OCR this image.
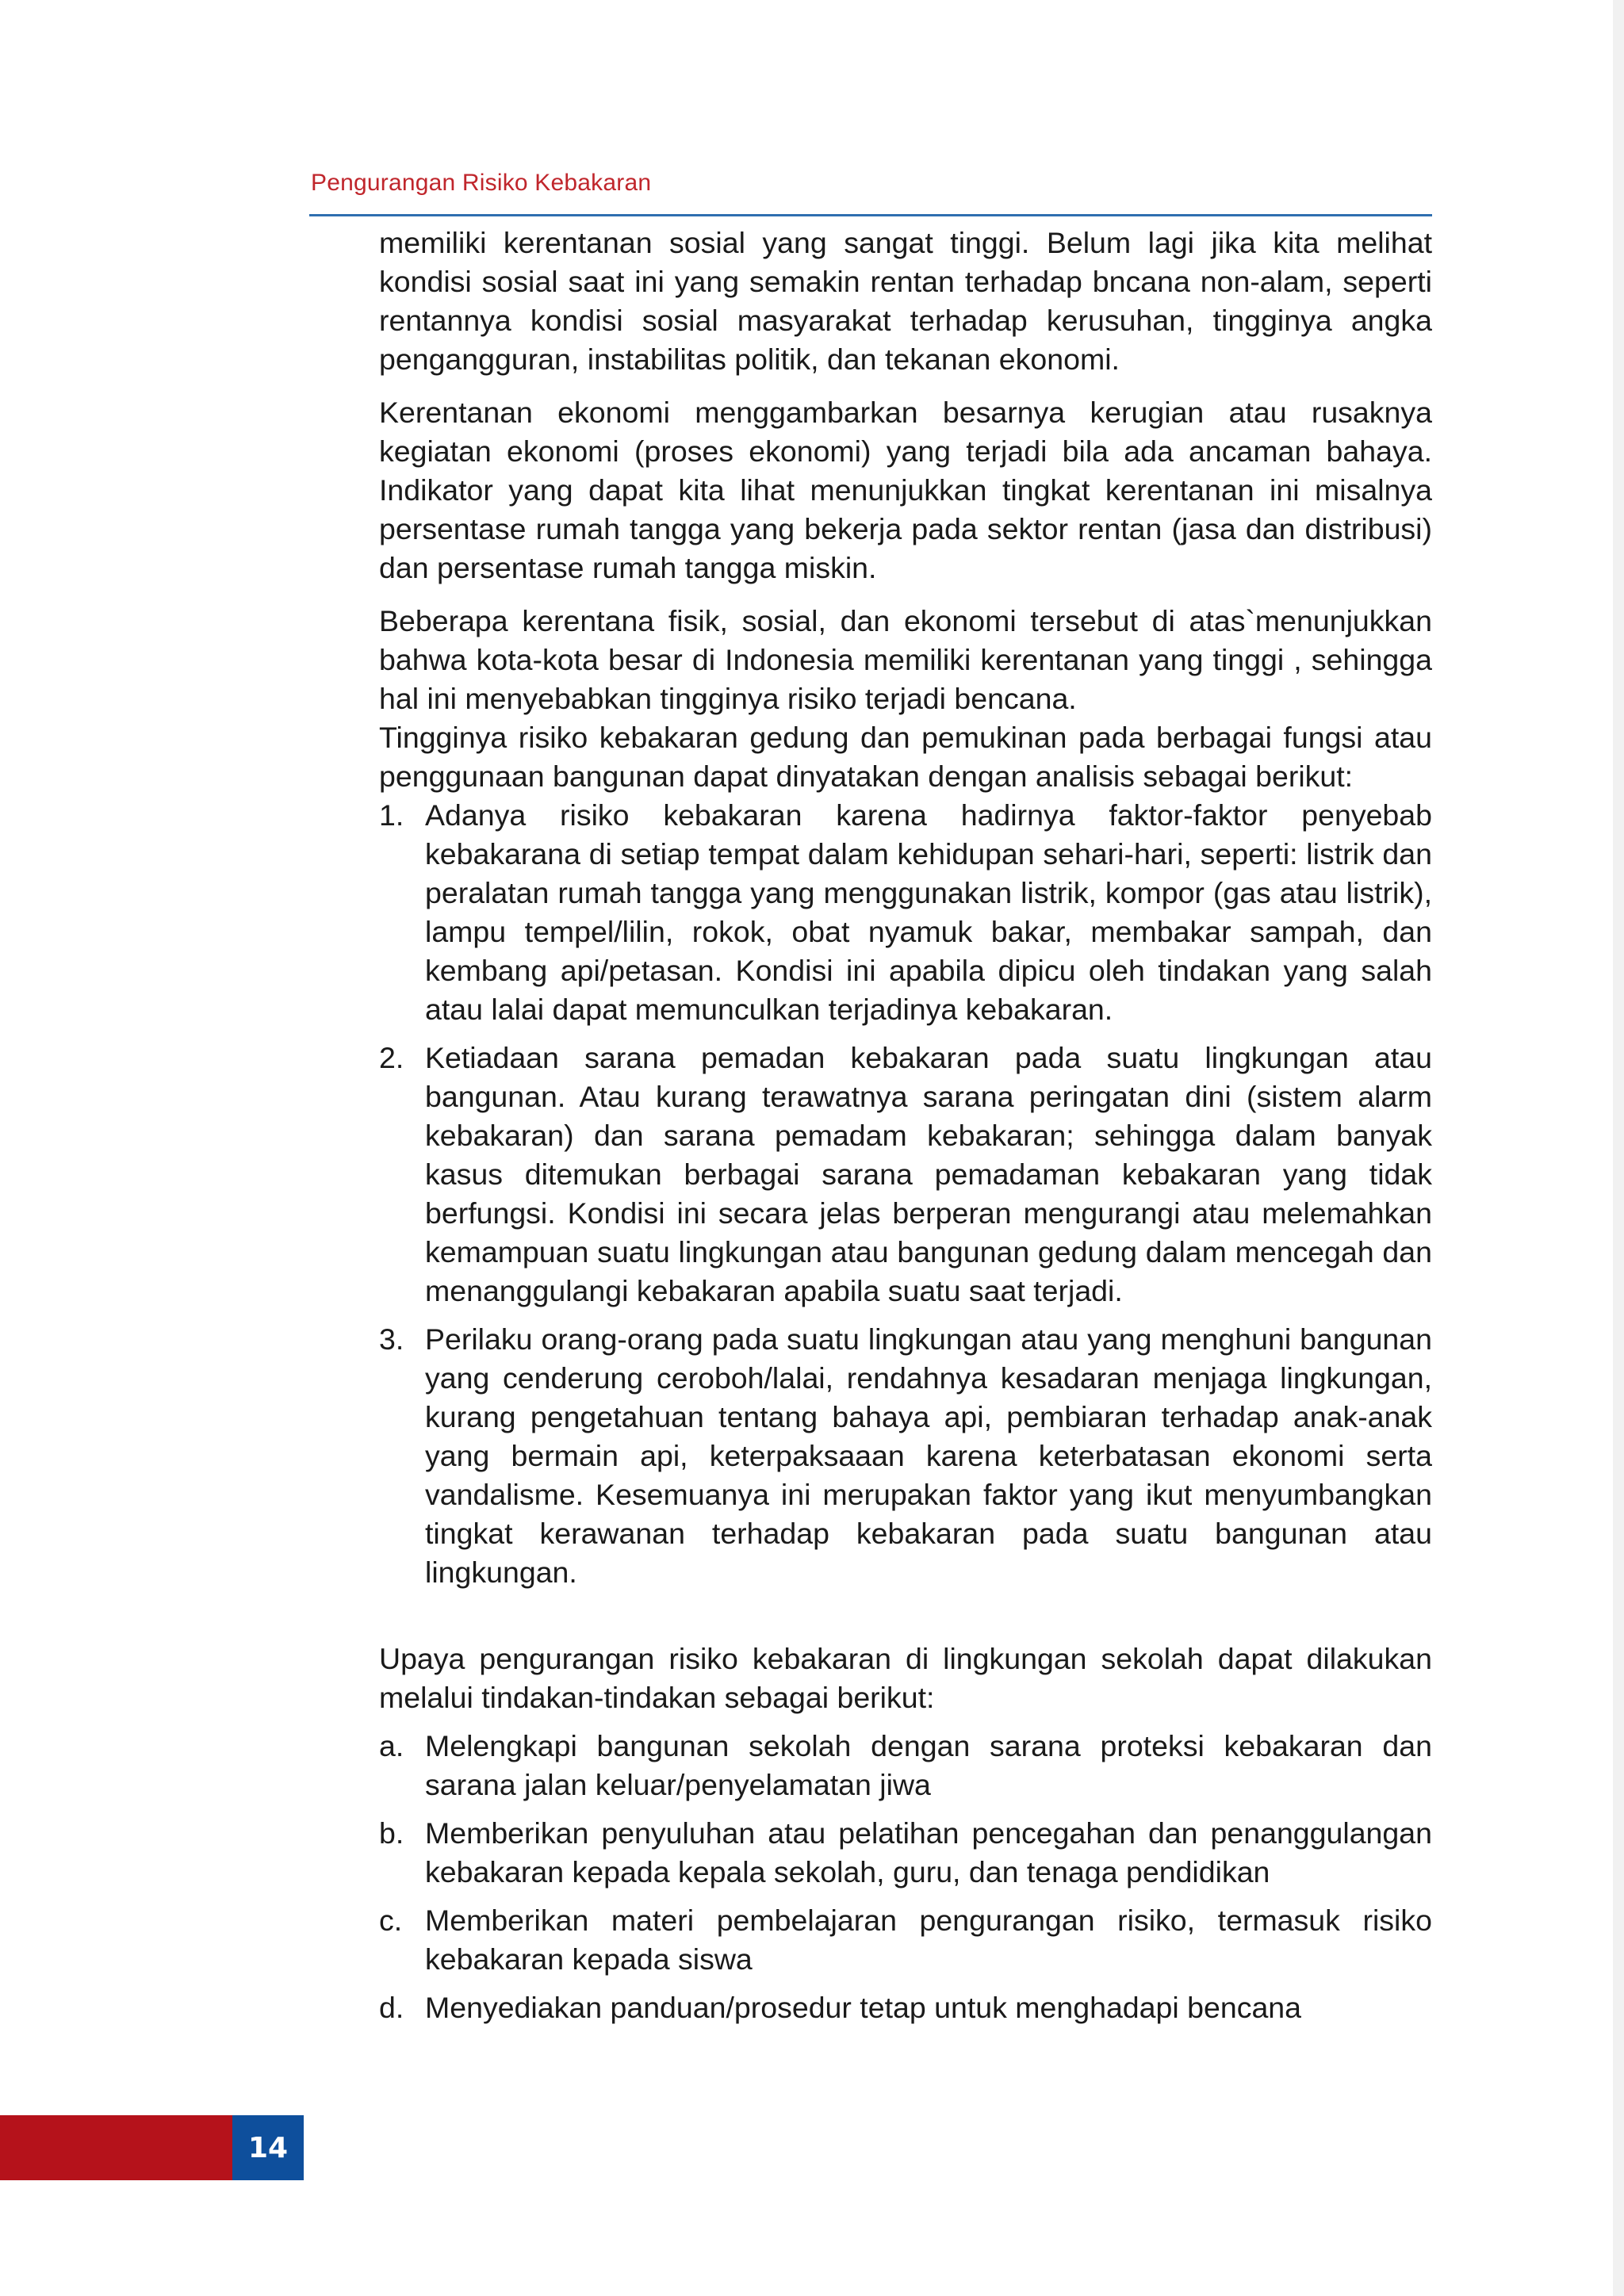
Pengurangan Risiko Kebakaran

memiliki kerentanan sosial yang sangat tinggi. Belum lagi jika kita melihat kondisi sosial saat ini yang semakin rentan terhadap bncana non-alam, seperti rentannya kondisi sosial masyarakat terhadap kerusuhan, tingginya angka pengangguran, instabilitas politik, dan tekanan ekonomi.

Kerentanan ekonomi menggambarkan besarnya kerugian atau rusaknya kegiatan ekonomi (proses ekonomi) yang terjadi bila ada ancaman bahaya. Indikator yang dapat kita lihat menunjukkan tingkat kerentanan ini misalnya persentase rumah tangga yang bekerja pada sektor rentan (jasa dan distribusi) dan persentase rumah tangga miskin.

Beberapa kerentana fisik, sosial, dan ekonomi tersebut di atas`menunjukkan bahwa kota-kota besar di Indonesia memiliki kerentanan yang tinggi , sehingga hal ini menyebabkan tingginya risiko terjadi bencana.

Tingginya risiko kebakaran gedung dan pemukinan pada berbagai fungsi atau penggunaan bangunan dapat dinyatakan dengan analisis sebagai berikut:

1. Adanya risiko kebakaran karena hadirnya faktor-faktor penyebab kebakarana di setiap tempat dalam kehidupan sehari-hari, seperti: listrik dan peralatan rumah tangga yang menggunakan listrik, kompor (gas atau listrik), lampu tempel/lilin, rokok, obat nyamuk bakar, membakar sampah, dan kembang api/petasan. Kondisi ini apabila dipicu oleh tindakan yang salah atau lalai dapat memunculkan terjadinya kebakaran.
2. Ketiadaan sarana pemadan kebakaran pada suatu lingkungan atau bangunan. Atau kurang terawatnya sarana peringatan dini (sistem alarm kebakaran) dan sarana pemadam kebakaran; sehingga dalam banyak kasus ditemukan berbagai sarana pemadaman kebakaran yang tidak berfungsi. Kondisi ini secara jelas berperan mengurangi atau melemahkan kemampuan suatu lingkungan atau bangunan gedung dalam mencegah dan menanggulangi kebakaran apabila suatu saat terjadi.
3. Perilaku orang-orang pada suatu lingkungan atau yang menghuni bangunan yang cenderung ceroboh/lalai, rendahnya kesadaran menjaga lingkungan, kurang pengetahuan tentang bahaya api, pembiaran terhadap anak-anak yang bermain api, keterpaksaaan karena keterbatasan ekonomi serta vandalisme. Kesemuanya ini merupakan faktor yang ikut menyumbangkan tingkat kerawanan terhadap kebakaran pada suatu bangunan atau lingkungan.

Upaya pengurangan risiko kebakaran di lingkungan sekolah dapat dilakukan melalui tindakan-tindakan sebagai berikut:

a. Melengkapi bangunan sekolah dengan sarana proteksi kebakaran dan sarana jalan keluar/penyelamatan jiwa
b. Memberikan penyuluhan atau pelatihan pencegahan dan penanggulangan kebakaran kepada kepala sekolah, guru, dan tenaga pendidikan
c. Memberikan materi pembelajaran pengurangan risiko, termasuk risiko kebakaran kepada siswa
d. Menyediakan panduan/prosedur tetap untuk menghadapi bencana
14
